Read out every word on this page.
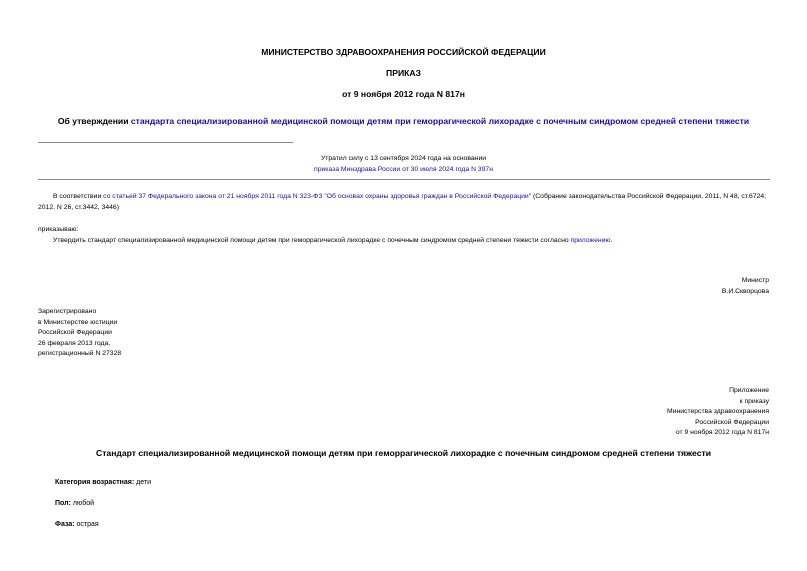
МИНИСТЕРСТВО ЗДРАВООХРАНЕНИЯ РОССИЙСКОЙ ФЕДЕРАЦИИ
ПРИКАЗ
от 9 ноября 2012 года N 817н
Об утверждении стандарта специализированной медицинской помощи детям при геморрагической лихорадке с почечным синдромом средней степени тяжести
Утратил силу с 13 сентября 2024 года на основании
приказа Минздрава России от 30 июля 2024 года N 397н
В соответствии со статьей 37 Федерального закона от 21 ноября 2011 года N 323-ФЗ "Об основах охраны здоровья граждан в Российской Федерации" (Собрание законодательства Российской Федерации, 2011, N 48, ст.6724; 2012, N 26, ст.3442, 3446)
приказываю:
Утвердить стандарт специализированной медицинской помощи детям при геморрагической лихорадке с почечным синдромом средней степени тяжести согласно приложению.
Министр
В.И.Скворцова
Зарегистрировано
в Министерстве юстиции
Российской Федерации
26 февраля 2013 года,
регистрационный N 27328
Приложение
к приказу
Министерства здравоохранения
Российской Федерации
от 9 ноября 2012 года N 817н
Стандарт специализированной медицинской помощи детям при геморрагической лихорадке с почечным синдромом средней степени тяжести
Категория возрастная: дети
Пол: любой
Фаза: острая
